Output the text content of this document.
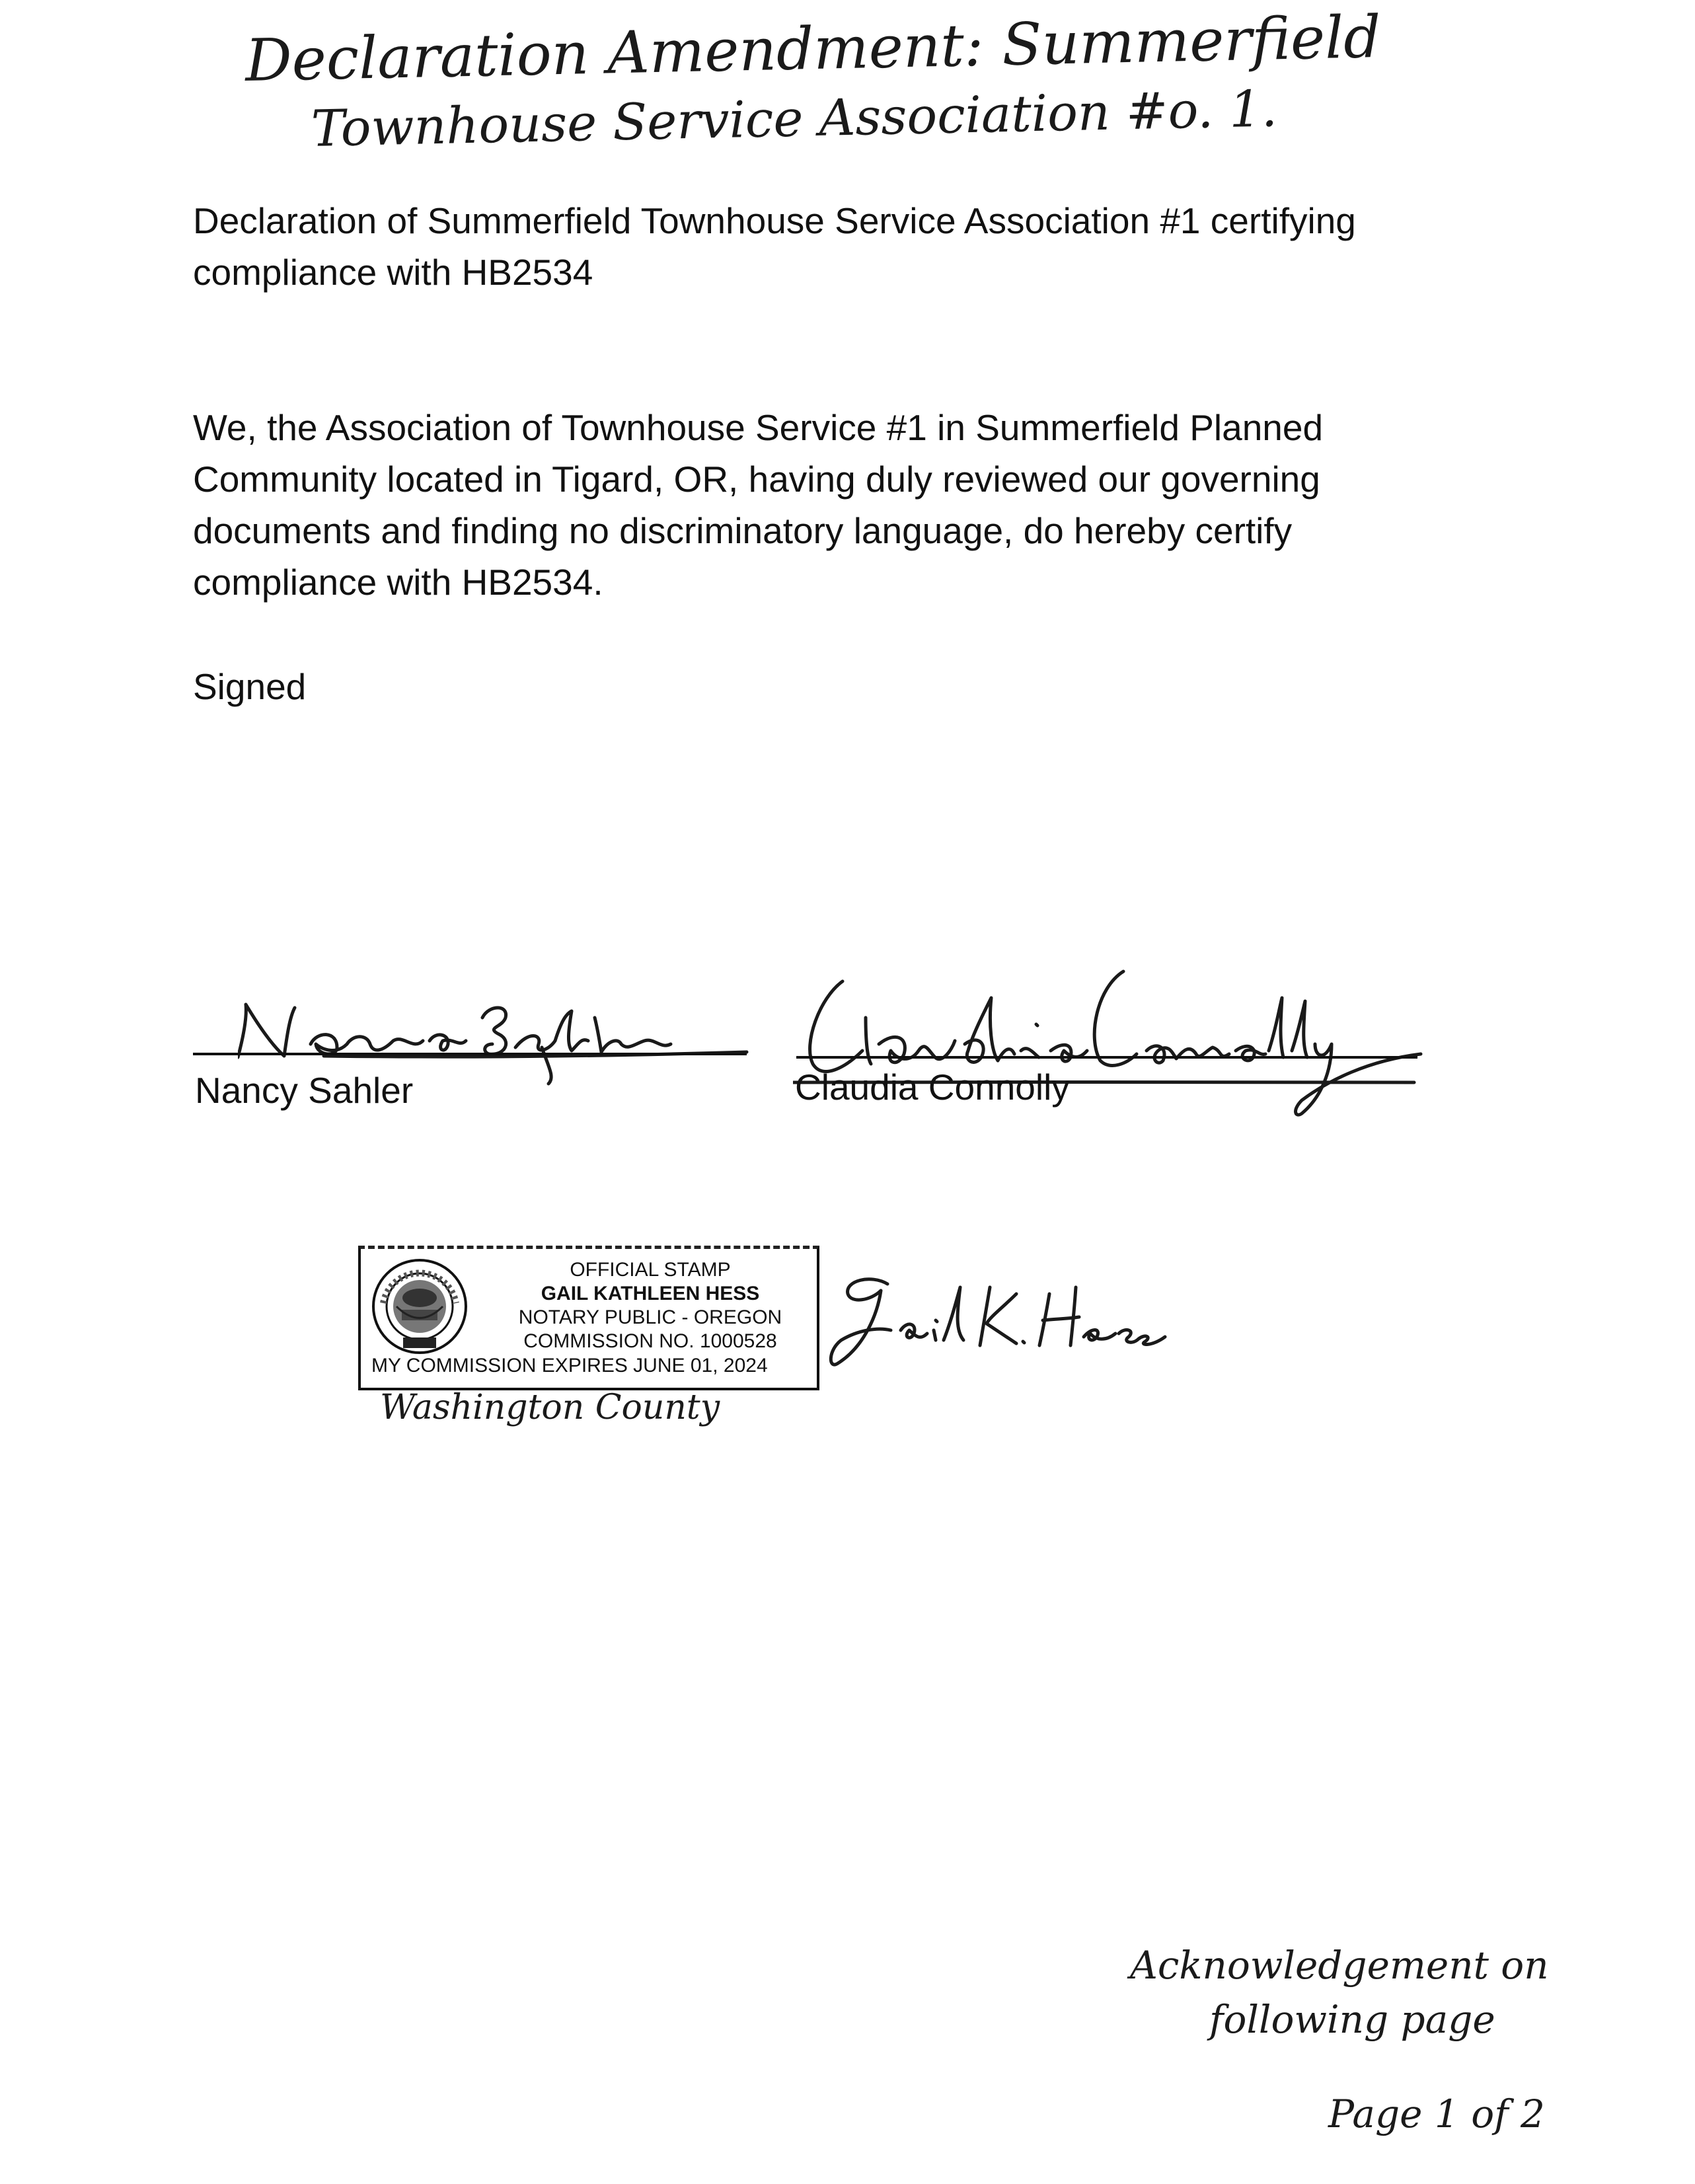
Declaration Amendment: Summerfield
Townhouse Service Association #o. 1.
Declaration of Summerfield Townhouse Service Association #1 certifying
compliance with HB2534
We, the Association of Townhouse Service #1 in Summerfield Planned
Community located in Tigard, OR, having duly reviewed our governing
documents and finding no discriminatory language, do hereby certify
compliance with HB2534.
Signed
Nancy Sahler	Claudia Connolly
OFFICIAL STAMP
GAIL KATHLEEN HESS
NOTARY PUBLIC - OREGON
COMMISSION NO. 1000528
MY COMMISSION EXPIRES JUNE 01, 2024
Washington County
Acknowledgement on
following page
Page 1 of 2
